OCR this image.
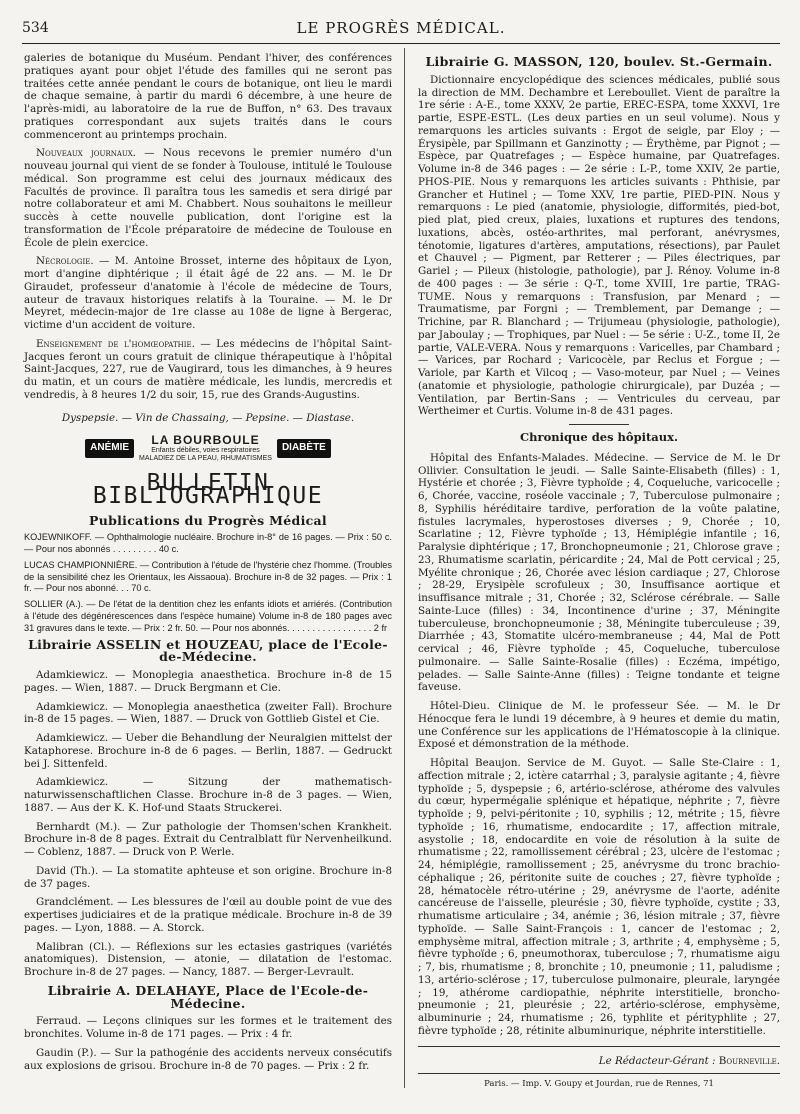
534	LE PROGRÈS MÉDICAL.

galeries de botanique du Muséum. Pendant l'hiver, des conférences pratiques ayant pour objet l'étude des familles qui ne seront pas traitées cette année pendant le cours de botanique, ont lieu le mardi de chaque semaine, à partir du mardi 6 décembre, à une heure de l'après-midi, au laboratoire de la rue de Buffon, n° 63. Des travaux pratiques correspondant aux sujets traités dans le cours commenceront au printemps prochain.

Nouveaux journaux. — Nous recevons le premier numéro d'un nouveau journal qui vient de se fonder à Toulouse, intitulé le Toulouse médical. Son programme est celui des journaux médicaux des Facultés de province. Il paraîtra tous les samedis et sera dirigé par notre collaborateur et ami M. Chabbert. Nous souhaitons le meilleur succès à cette nouvelle publication, dont l'origine est la transformation de l'École préparatoire de médecine de Toulouse en École de plein exercice.

Nécrologie. — M. Antoine Brosset, interne des hôpitaux de Lyon, mort d'angine diphtérique ; il était âgé de 22 ans. — M. le Dr Giraudet, professeur d'anatomie à l'école de médecine de Tours, auteur de travaux historiques relatifs à la Touraine. — M. le Dr Meyret, médecin-major de 1re classe au 108e de ligne à Bergerac, victime d'un accident de voiture.

Enseignement de l'homœopathie. — Les médecins de l'hôpital Saint-Jacques feront un cours gratuit de clinique thérapeutique à l'hôpital Saint-Jacques, 227, rue de Vaugirard, tous les dimanches, à 9 heures du matin, et un cours de matière médicale, les lundis, mercredis et vendredis, à 8 heures 1/2 du soir, 15, rue des Grands-Augustins.

Dyspepsie. — Vin de Chassaing, — Pepsine. — Diastase.
ANÉMIE
LA BOURBOULE
Enfants débiles, voies respiratoires
MALADIEZ DE LA PEAU, RHUMATISMES
DIABÈTE
BULLETIN BIBLIOGRAPHIQUE
Publications du Progrès Médical
KOJEWNIKOFF. — Ophthalmologie nucléaire. Brochure in-8° de 16 pages. — Prix : 50 c. — Pour nos abonnés . . . . . . . . . 40 c.
LUCAS CHAMPIONNIÈRE. — Contribution à l'étude de l'hystérie chez l'homme. (Troubles de la sensibilité chez les Orientaux, les Aissaoua). Brochure in-8 de 32 pages. — Prix : 1 fr. — Pour nos abonné. . . 70 c.
SOLLIER (A.). — De l'état de la dentition chez les enfants idiots et arriérés. (Contribution à l'étude des dégénérescences dans l'espèce humaine) Volume in-8 de 180 pages avec 31 gravures dans le texte. — Prix : 2 fr. 50. — Pour nos abonnés. . . . . . . . . . . . . . . . . 2 fr
Librairie ASSELIN et HOUZEAU, place de l'Ecole-de-Médecine.

Adamkiewicz. — Monoplegia anaesthetica. Brochure in-8 de 15 pages. — Wien, 1887. — Druck Bergmann et Cie.

Adamkiewicz. — Monoplegia anaesthetica (zweiter Fall). Brochure in-8 de 15 pages. — Wien, 1887. — Druck von Gottlieb Gistel et Cie.

Adamkiewicz. — Ueber die Behandlung der Neuralgien mittelst der Kataphorese. Brochure in-8 de 6 pages. — Berlin, 1887. — Gedruckt bei J. Sittenfeld.

Adamkiewicz. — Sitzung der mathematisch-naturwissenschaftlichen Classe. Brochure in-8 de 3 pages. — Wien, 1887. — Aus der K. K. Hof-und Staats Struckerei.

Bernhardt (M.). — Zur pathologie der Thomsen'schen Krankheit. Brochure in-8 de 8 pages. Extrait du Centralblatt für Nervenheilkund. — Coblenz, 1887. — Druck von P. Werle.

David (Th.). — La stomatite aphteuse et son origine. Brochure in-8 de 37 pages.

Grandclément. — Les blessures de l'œil au double point de vue des expertises judiciaires et de la pratique médicale. Brochure in-8 de 39 pages. — Lyon, 1888. — A. Storck.

Malibran (Cl.). — Réflexions sur les ectasies gastriques (variétés anatomiques). Distension, — atonie, — dilatation de l'estomac. Brochure in-8 de 27 pages. — Nancy, 1887. — Berger-Levrault.

Librairie A. DELAHAYE, Place de l'Ecole-de-Médecine.

Ferraud. — Leçons cliniques sur les formes et le traitement des bronchites. Volume in-8 de 171 pages. — Prix : 4 fr.

Gaudin (P.). — Sur la pathogénie des accidents nerveux consécutifs aux explosions de grisou. Brochure in-8 de 70 pages. — Prix : 2 fr.

Librairie G. MASSON, 120, boulev. St.-Germain.

Dictionnaire encyclopédique des sciences médicales, publié sous la direction de MM. Dechambre et Lereboullet. Vient de paraître la 1re série : A-E., tome XXXV, 2e partie, EREC-ESPA, tome XXXVI, 1re partie, ESPE-ESTL. (Les deux parties en un seul volume). Nous y remarquons les articles suivants : Ergot de seigle, par Eloy ; — Érysipèle, par Spillmann et Ganzinotty ; — Érythème, par Pignot ; — Espèce, par Quatrefages ; — Espèce humaine, par Quatrefages. Volume in-8 de 346 pages : — 2e série : L-P., tome XXIV, 2e partie, PHOS-PIE. Nous y remarquons les articles suivants : Phthisie, par Grancher et Hutinel ; — Tome XXV, 1re partie, PIED-PIN. Nous y remarquons : Le pied (anatomie, physiologie, difformités, pied-bot, pied plat, pied creux, plaies, luxations et ruptures des tendons, luxations, abcès, ostéo-arthrites, mal perforant, anévrysmes, ténotomie, ligatures d'artères, amputations, résections), par Paulet et Chauvel ; — Pigment, par Retterer ; — Piles électriques, par Gariel ; — Pileux (histologie, pathologie), par J. Rénoy. Volume in-8 de 400 pages : — 3e série : Q-T., tome XVIII, 1re partie, TRAG-TUME. Nous y remarquons : Transfusion, par Menard ; — Traumatisme, par Forgni ; — Tremblement, par Demange ; — Trichine, par R. Blanchard ; — Trijumeau (physiologie, pathologie), par Jaboulay ; — Trophiques, par Nuel : — 5e série : U-Z., tome II, 2e partie, VALE-VERA. Nous y remarquons : Varicelles, par Chambard ; — Varices, par Rochard ; Varicocèle, par Reclus et Forgue ; — Variole, par Karth et Vilcoq ; — Vaso-moteur, par Nuel ; — Veines (anatomie et physiologie, pathologie chirurgicale), par Duzéa ; — Ventilation, par Bertin-Sans ; — Ventricules du cerveau, par Wertheimer et Curtis. Volume in-8 de 431 pages.

Chronique des hôpitaux.

Hôpital des Enfants-Malades. Médecine. — Service de M. le Dr Ollivier. Consultation le jeudi. — Salle Sainte-Elisabeth (filles) : 1, Hystérie et chorée ; 3, Fièvre typhoïde ; 4, Coqueluche, varicocelle ; 6, Chorée, vaccine, roséole vaccinale ; 7, Tuberculose pulmonaire ; 8, Syphilis héréditaire tardive, perforation de la voûte palatine, fistules lacrymales, hyperostoses diverses ; 9, Chorée ; 10, Scarlatine ; 12, Fièvre typhoïde ; 13, Hémiplégie infantile ; 16, Paralysie diphtérique ; 17, Bronchopneumonie ; 21, Chlorose grave ; 23, Rhumatisme scarlatin, péricardite ; 24, Mal de Pott cervical ; 25, Myélite chronique ; 26, Chorée avec lésion cardiaque ; 27, Chlorose ; 28-29, Erysipèle scrofuleux ; 30, Insuffisance aortique et insuffisance mitrale ; 31, Chorée ; 32, Sclérose cérébrale. — Salle Sainte-Luce (filles) : 34, Incontinence d'urine ; 37, Méningite tuberculeuse, bronchopneumonie ; 38, Méningite tuberculeuse ; 39, Diarrhée ; 43, Stomatite ulcéro-membraneuse ; 44, Mal de Pott cervical ; 46, Fièvre typhoïde ; 45, Coqueluche, tuberculose pulmonaire. — Salle Sainte-Rosalie (filles) : Eczéma, impétigo, pelades. — Salle Sainte-Anne (filles) : Teigne tondante et teigne faveuse.

Hôtel-Dieu. Clinique de M. le professeur Sée. — M. le Dr Hénocque fera le lundi 19 décembre, à 9 heures et demie du matin, une Conférence sur les applications de l'Hématoscopie à la clinique. Exposé et démonstration de la méthode.

Hôpital Beaujon. Service de M. Guyot. — Salle Ste-Claire : 1, affection mitrale ; 2, ictère catarrhal ; 3, paralysie agitante ; 4, fièvre typhoïde ; 5, dyspepsie ; 6, artério-sclérose, athérome des valvules du cœur, hypermégalie splénique et hépatique, néphrite ; 7, fièvre typhoïde ; 9, pelvi-péritonite ; 10, syphilis ; 12, métrite ; 15, fièvre typhoïde ; 16, rhumatisme, endocardite ; 17, affection mitrale, asystolie ; 18, endocardite en voie de résolution à la suite de rhumatisme ; 22, ramollissement cérébral ; 23, ulcère de l'estomac ; 24, hémiplégie, ramollissement ; 25, anévrysme du tronc brachio-céphalique ; 26, péritonite suite de couches ; 27, fièvre typhoïde ; 28, hématocèle rétro-utérine ; 29, anévrysme de l'aorte, adénite cancéreuse de l'aisselle, pleurésie ; 30, fièvre typhoïde, cystite ; 33, rhumatisme articulaire ; 34, anémie ; 36, lésion mitrale ; 37, fièvre typhoïde. — Salle Saint-François : 1, cancer de l'estomac ; 2, emphysème mitral, affection mitrale ; 3, arthrite ; 4, emphysème ; 5, fièvre typhoïde ; 6, pneumothorax, tuberculose ; 7, rhumatisme aigu ; 7, bis, rhumatisme ; 8, bronchite ; 10, pneumonie ; 11, paludisme ; 13, artério-sclérose ; 17, tuberculose pulmonaire, pleurale, laryngée ; 19, athérome cardiopathie, néphrite interstitielle, broncho-pneumonie ; 21, pleurésie ; 22, artério-sclérose, emphysème, albuminurie ; 24, rhumatisme ; 26, typhlite et pérityphlite ; 27, fièvre typhoïde ; 28, rétinite albuminurique, néphrite interstitielle.

Le Rédacteur-Gérant : Bourneville.
Paris. — Imp. V. Goupy et Jourdan, rue de Rennes, 71
